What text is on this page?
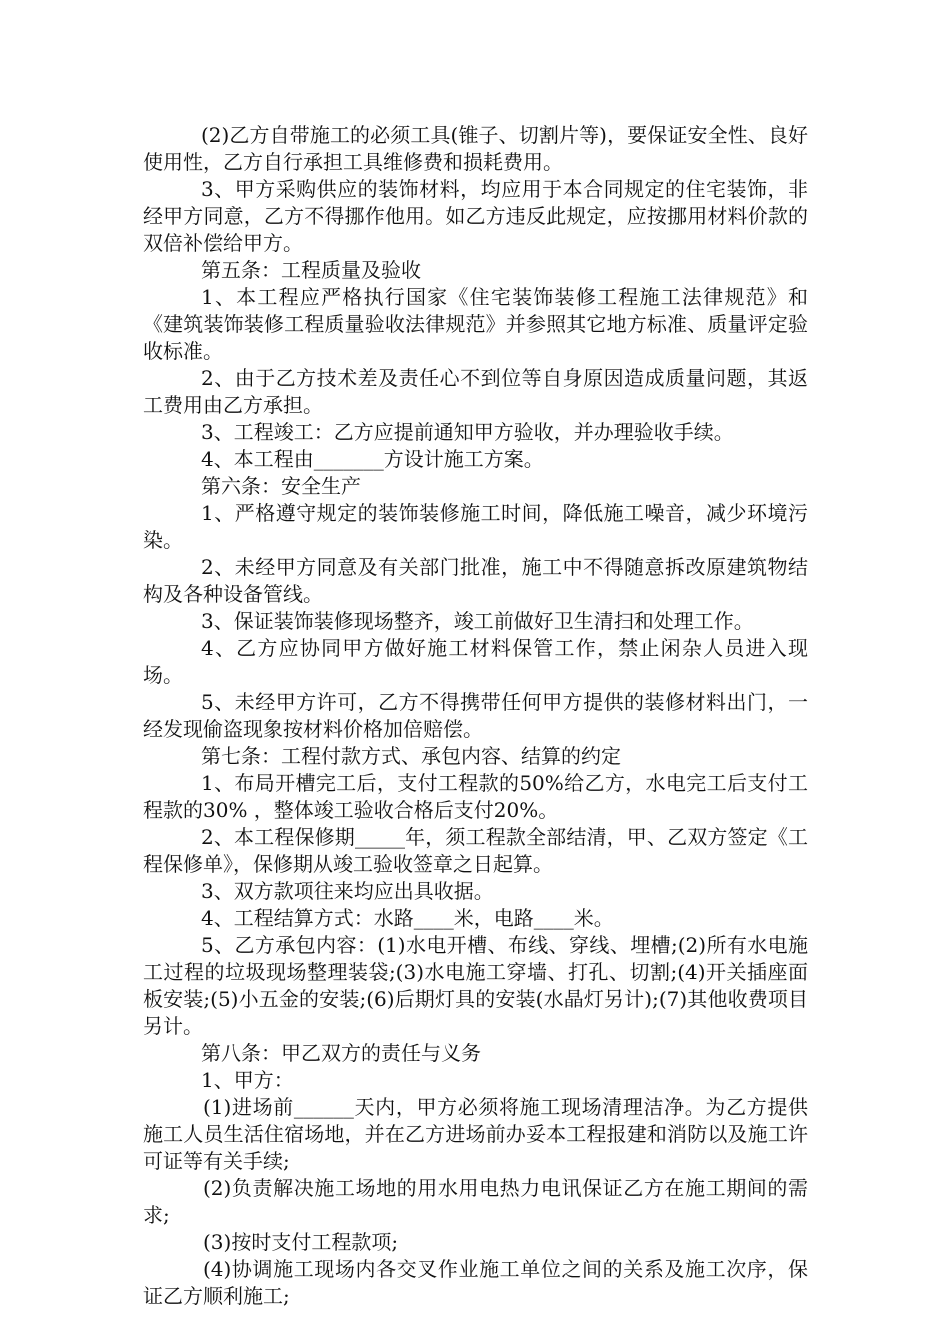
(2)乙方自带施工的必须工具(锥子、切割片等)，要保证安全性、良好使用性，乙方自行承担工具维修费和损耗费用。

3、甲方采购供应的装饰材料，均应用于本合同规定的住宅装饰，非经甲方同意，乙方不得挪作他用。如乙方违反此规定，应按挪用材料价款的双倍补偿给甲方。

第五条：工程质量及验收

1、本工程应严格执行国家《住宅装饰装修工程施工法律规范》和《建筑装饰装修工程质量验收法律规范》并参照其它地方标准、质量评定验收标准。

2、由于乙方技术差及责任心不到位等自身原因造成质量问题，其返工费用由乙方承担。

3、工程竣工：乙方应提前通知甲方验收，并办理验收手续。

4、本工程由_______方设计施工方案。

第六条：安全生产

1、严格遵守规定的装饰装修施工时间，降低施工噪音，减少环境污染。

2、未经甲方同意及有关部门批准，施工中不得随意拆改原建筑物结构及各种设备管线。

3、保证装饰装修现场整齐，竣工前做好卫生清扫和处理工作。

4、乙方应协同甲方做好施工材料保管工作，禁止闲杂人员进入现场。

5、未经甲方许可，乙方不得携带任何甲方提供的装修材料出门，一经发现偷盗现象按材料价格加倍赔偿。

第七条：工程付款方式、承包内容、结算的约定

1、布局开槽完工后，支付工程款的50%给乙方，水电完工后支付工程款的30% ，整体竣工验收合格后支付20%。

2、本工程保修期_____年，须工程款全部结清，甲、乙双方签定《工程保修单》，保修期从竣工验收签章之日起算。

3、双方款项往来均应出具收据。

4、工程结算方式：水路____米，电路____米。

5、乙方承包内容：(1)水电开槽、布线、穿线、埋槽;(2)所有水电施工过程的垃圾现场整理装袋;(3)水电施工穿墙、打孔、切割;(4)开关插座面板安装;(5)小五金的安装;(6)后期灯具的安装(水晶灯另计);(7)其他收费项目另计。

第八条：甲乙双方的责任与义务

1、甲方：

(1)进场前______天内，甲方必须将施工现场清理洁净。为乙方提供施工人员生活住宿场地，并在乙方进场前办妥本工程报建和消防以及施工许可证等有关手续;

(2)负责解决施工场地的用水用电热力电讯保证乙方在施工期间的需求;

(3)按时支付工程款项;

(4)协调施工现场内各交叉作业施工单位之间的关系及施工次序，保证乙方顺利施工;
